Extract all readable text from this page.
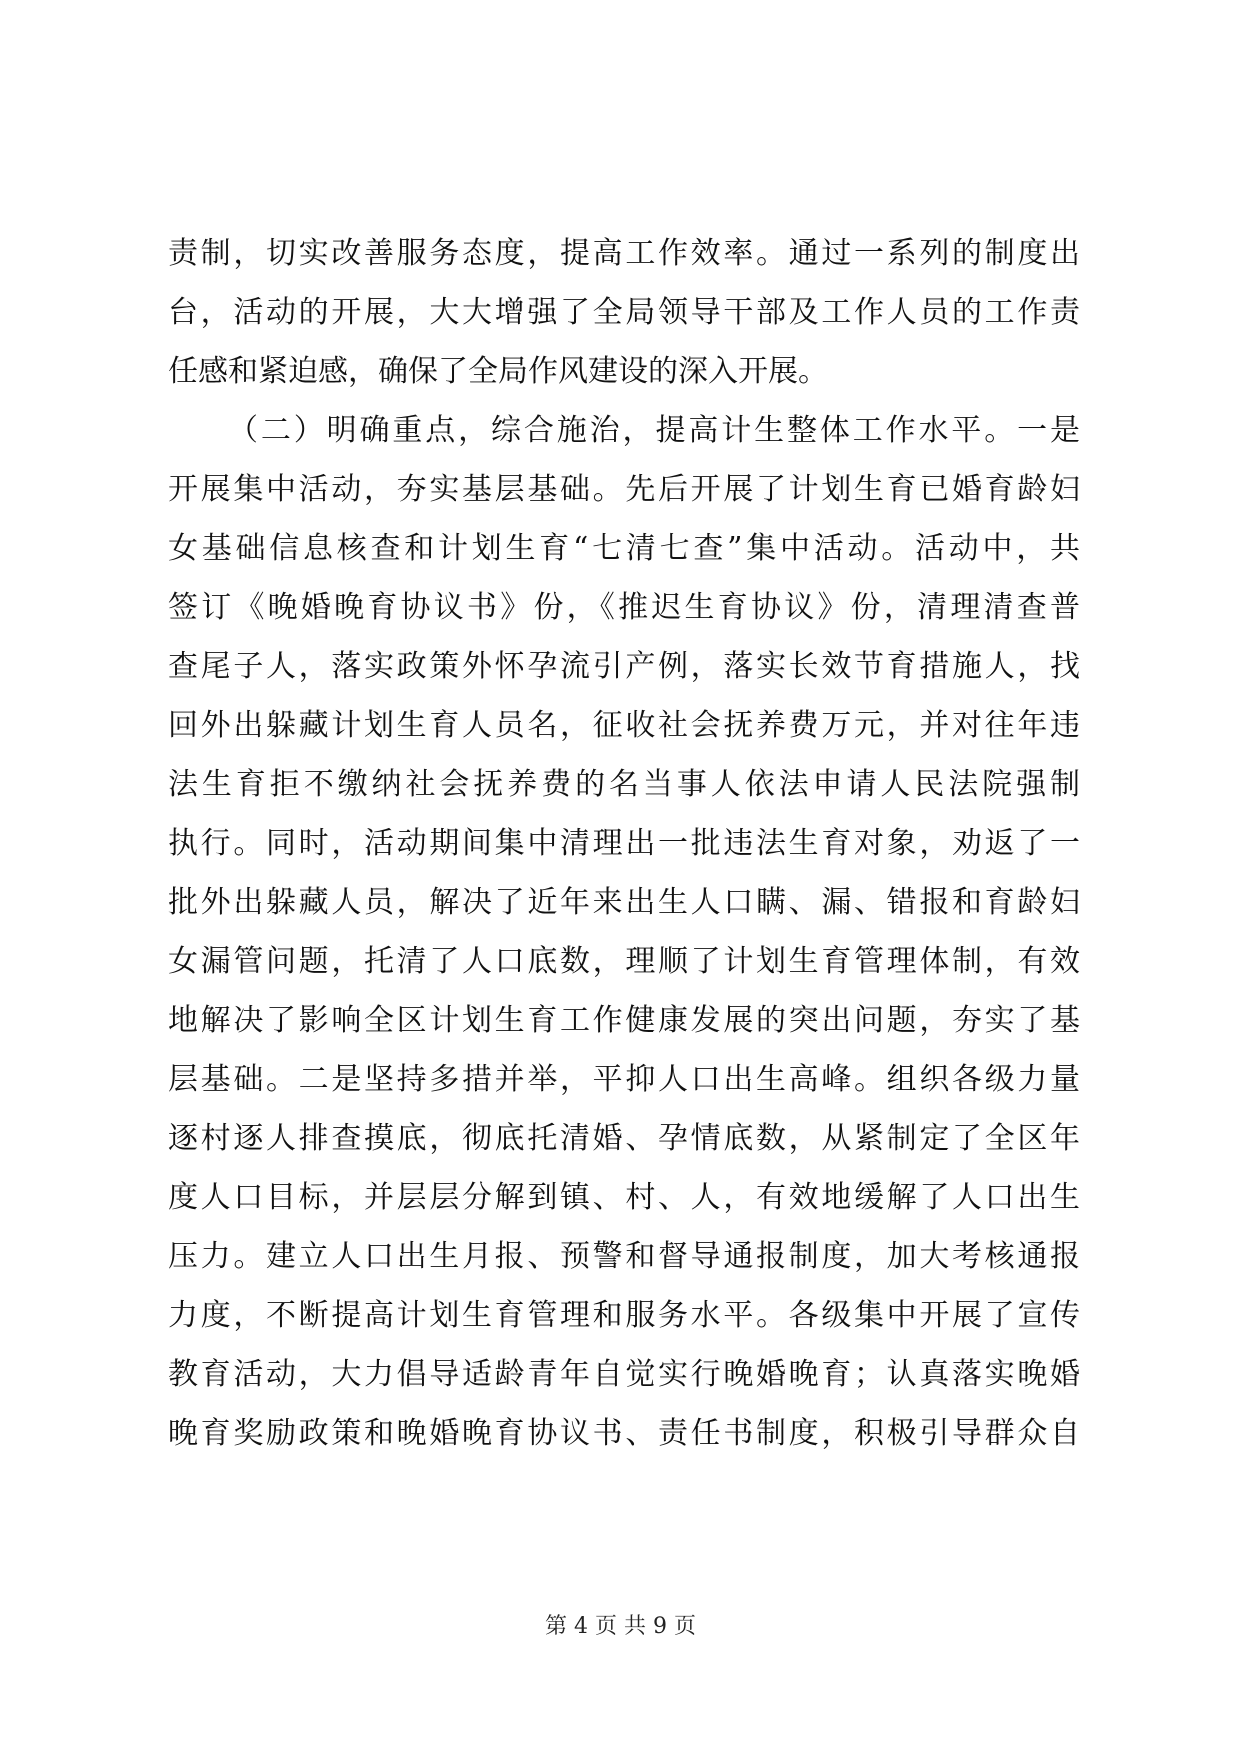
责制，切实改善服务态度，提高工作效率。通过一系列的制度出
台，活动的开展，大大增强了全局领导干部及工作人员的工作责
任感和紧迫感，确保了全局作风建设的深入开展。
（二）明确重点，综合施治，提高计生整体工作水平。一是
开展集中活动，夯实基层基础。先后开展了计划生育已婚育龄妇
女基础信息核查和计划生育“七清七查”集中活动。活动中，共
签订《晚婚晚育协议书》份，《推迟生育协议》份，清理清查普
查尾子人，落实政策外怀孕流引产例，落实长效节育措施人，找
回外出躲藏计划生育人员名，征收社会抚养费万元，并对往年违
法生育拒不缴纳社会抚养费的名当事人依法申请人民法院强制
执行。同时，活动期间集中清理出一批违法生育对象，劝返了一
批外出躲藏人员，解决了近年来出生人口瞒、漏、错报和育龄妇
女漏管问题，托清了人口底数，理顺了计划生育管理体制，有效
地解决了影响全区计划生育工作健康发展的突出问题，夯实了基
层基础。二是坚持多措并举，平抑人口出生高峰。组织各级力量
逐村逐人排查摸底，彻底托清婚、孕情底数，从紧制定了全区年
度人口目标，并层层分解到镇、村、人，有效地缓解了人口出生
压力。建立人口出生月报、预警和督导通报制度，加大考核通报
力度，不断提高计划生育管理和服务水平。各级集中开展了宣传
教育活动，大力倡导适龄青年自觉实行晚婚晚育；认真落实晚婚
晚育奖励政策和晚婚晚育协议书、责任书制度，积极引导群众自
第 4 页 共 9 页
